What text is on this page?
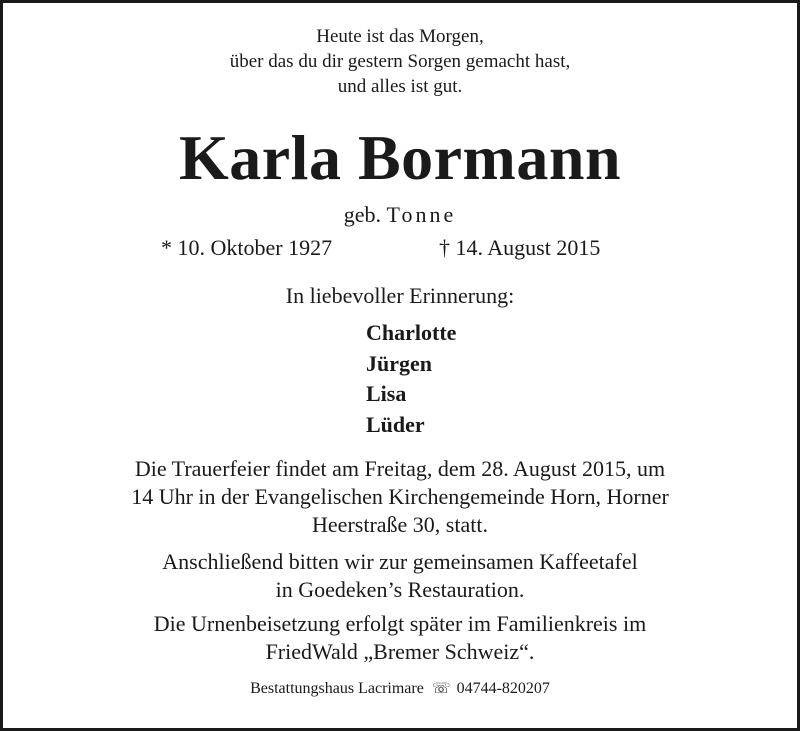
Heute ist das Morgen,
über das du dir gestern Sorgen gemacht hast,
und alles ist gut.
Karla Bormann
geb. Tonne
* 10. Oktober 1927	† 14. August 2015
In liebevoller Erinnerung:
Charlotte
Jürgen
Lisa
Lüder
Die Trauerfeier findet am Freitag, dem 28. August 2015, um
14 Uhr in der Evangelischen Kirchengemeinde Horn, Horner
Heerstraße 30, statt.
Anschließend bitten wir zur gemeinsamen Kaffeetafel
in Goedeken’s Restauration.
Die Urnenbeisetzung erfolgt später im Familienkreis im
FriedWald „Bremer Schweiz“.
Bestattungshaus Lacrimare ☏ 04744-820207
